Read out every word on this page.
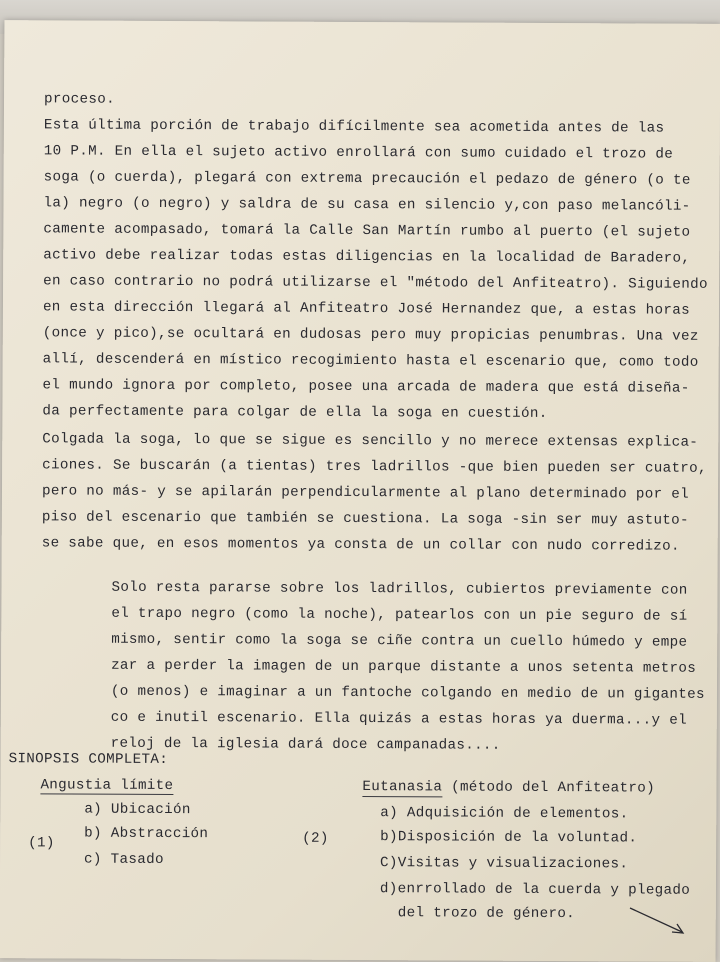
proceso.
Esta última porción de trabajo difícilmente sea acometida antes de las
10 P.M. En ella el sujeto activo enrollará con sumo cuidado el trozo de
soga (o cuerda), plegará con extrema precaución el pedazo de género (o te
la) negro (o negro) y saldra de su casa en silencio y,con paso melancóli-
camente acompasado, tomará la Calle San Martín rumbo al puerto (el sujeto
activo debe realizar todas estas diligencias en la localidad de Baradero,
en caso contrario no podrá utilizarse el "método del Anfiteatro). Siguiendo
en esta dirección llegará al Anfiteatro José Hernandez que, a estas horas
(once y pico),se ocultará en dudosas pero muy propicias penumbras. Una vez
allí, descenderá en místico recogimiento hasta el escenario que, como todo
el mundo ignora por completo, posee una arcada de madera que está diseña-
da perfectamente para colgar de ella la soga en cuestión.
Colgada la soga, lo que se sigue es sencillo y no merece extensas explica-
ciones. Se buscarán (a tientas) tres ladrillos -que bien pueden ser cuatro,
pero no más- y se apilarán perpendicularmente al plano determinado por el
piso del escenario que también se cuestiona. La soga -sin ser muy astuto-
se sabe que, en esos momentos ya consta de un collar con nudo corredizo.
Solo resta pararse sobre los ladrillos, cubiertos previamente con
el trapo negro (como la noche), patearlos con un pie seguro de sí
mismo, sentir como la soga se ciñe contra un cuello húmedo y empe
zar a perder la imagen de un parque distante a unos setenta metros
(o menos) e imaginar a un fantoche colgando en medio de un gigantes
co e inutil escenario. Ella quizás a estas horas ya duerma...y el
reloj de la iglesia dará doce campanadas....
SINOPSIS COMPLETA:
Angustia límite
a) Ubicación
b) Abstracción
(1)
c) Tasado
Eutanasia (método del Anfiteatro)
a) Adquisición de elementos.
b)Disposición de la voluntad.
(2)
C)Visitas y visualizaciones.
d)enrrollado de la cuerda y plegado
del trozo de género.
